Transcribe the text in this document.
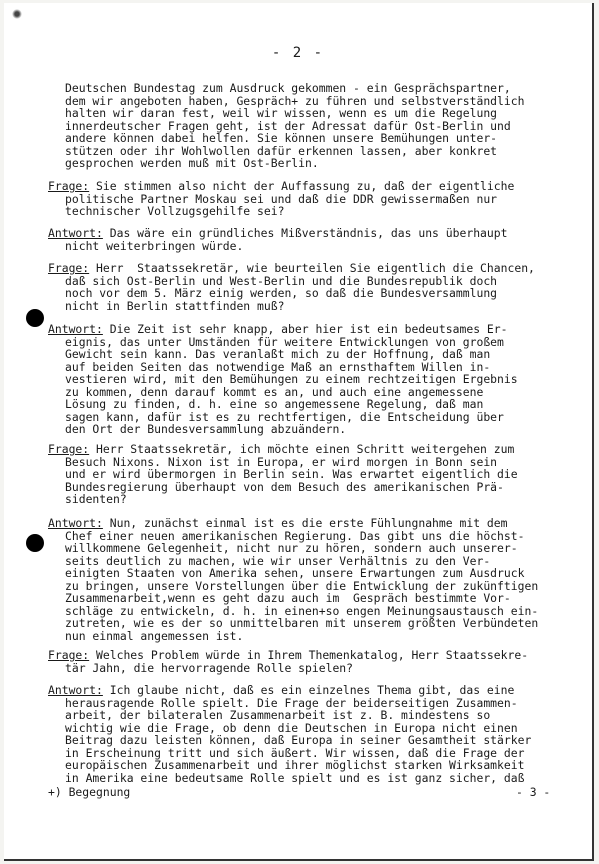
- 2 -
Deutschen Bundestag zum Ausdruck gekommen - ein Gesprächspartner,
dem wir angeboten haben, Gespräch+ zu führen und selbstverständlich
halten wir daran fest, weil wir wissen, wenn es um die Regelung
innerdeutscher Fragen geht, ist der Adressat dafür Ost-Berlin und
andere können dabei helfen. Sie können unsere Bemühungen unter-
stützen oder ihr Wohlwollen dafür erkennen lassen, aber konkret
gesprochen werden muß mit Ost-Berlin.
Frage: Sie stimmen also nicht der Auffassung zu, daß der eigentliche
politische Partner Moskau sei und daß die DDR gewissermaßen nur
technischer Vollzugsgehilfe sei?
Antwort: Das wäre ein gründliches Mißverständnis, das uns überhaupt
nicht weiterbringen würde.
Frage: Herr  Staatssekretär, wie beurteilen Sie eigentlich die Chancen,
daß sich Ost-Berlin und West-Berlin und die Bundesrepublik doch
noch vor dem 5. März einig werden, so daß die Bundesversammlung
nicht in Berlin stattfinden muß?
Antwort: Die Zeit ist sehr knapp, aber hier ist ein bedeutsames Er-
eignis, das unter Umständen für weitere Entwicklungen von großem
Gewicht sein kann. Das veranlaßt mich zu der Hoffnung, daß man
auf beiden Seiten das notwendige Maß an ernsthaftem Willen in-
vestieren wird, mit den Bemühungen zu einem rechtzeitigen Ergebnis
zu kommen, denn darauf kommt es an, und auch eine angemessene
Lösung zu finden, d. h. eine so angemessene Regelung, daß man
sagen kann, dafür ist es zu rechtfertigen, die Entscheidung über
den Ort der Bundesversammlung abzuändern.
Frage: Herr Staatssekretär, ich möchte einen Schritt weitergehen zum
Besuch Nixons. Nixon ist in Europa, er wird morgen in Bonn sein
und er wird übermorgen in Berlin sein. Was erwartet eigentlich die
Bundesregierung überhaupt von dem Besuch des amerikanischen Prä-
sidenten?
Antwort: Nun, zunächst einmal ist es die erste Fühlungnahme mit dem
Chef einer neuen amerikanischen Regierung. Das gibt uns die höchst-
willkommene Gelegenheit, nicht nur zu hören, sondern auch unserer-
seits deutlich zu machen, wie wir unser Verhältnis zu den Ver-
einigten Staaten von Amerika sehen, unsere Erwartungen zum Ausdruck
zu bringen, unsere Vorstellungen über die Entwicklung der zukünftigen
Zusammenarbeit,wenn es geht dazu auch im  Gespräch bestimmte Vor-
schläge zu entwickeln, d. h. in einen+so engen Meinungsaustausch ein-
zutreten, wie es der so unmittelbaren mit unserem größten Verbündeten
nun einmal angemessen ist.
Frage: Welches Problem würde in Ihrem Themenkatalog, Herr Staatssekre-
tär Jahn, die hervorragende Rolle spielen?
Antwort: Ich glaube nicht, daß es ein einzelnes Thema gibt, das eine
herausragende Rolle spielt. Die Frage der beiderseitigen Zusammen-
arbeit, der bilateralen Zusammenarbeit ist z. B. mindestens so
wichtig wie die Frage, ob denn die Deutschen in Europa nicht einen
Beitrag dazu leisten können, daß Europa in seiner Gesamtheit stärker
in Erscheinung tritt und sich äußert. Wir wissen, daß die Frage der
europäischen Zusammenarbeit und ihrer möglichst starken Wirksamkeit
in Amerika eine bedeutsame Rolle spielt und es ist ganz sicher, daß
+) Begegnung	- 3 -
